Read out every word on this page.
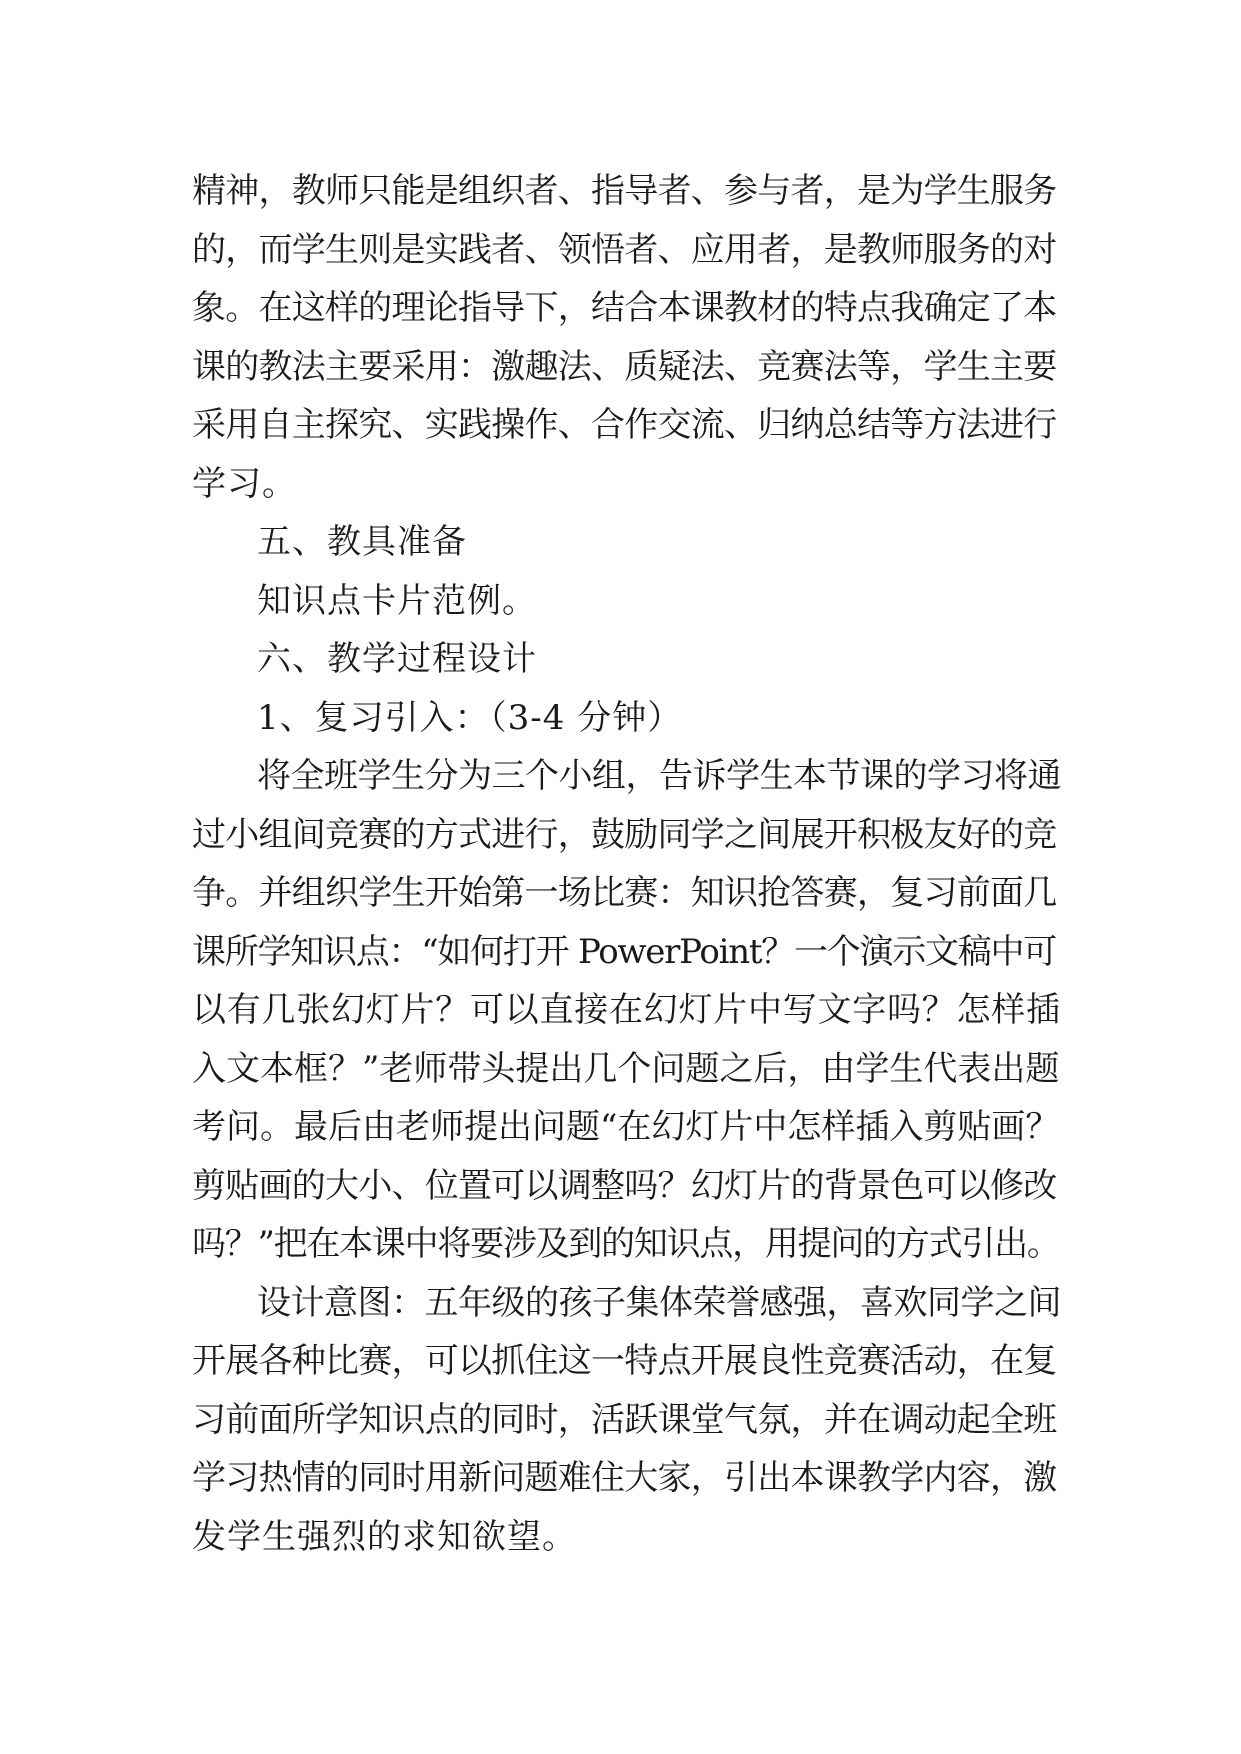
精神，教师只能是组织者、指导者、参与者，是为学生服务
的，而学生则是实践者、领悟者、应用者，是教师服务的对
象。在这样的理论指导下，结合本课教材的特点我确定了本
课的教法主要采用：激趣法、质疑法、竞赛法等，学生主要
采用自主探究、实践操作、合作交流、归纳总结等方法进行
学习。
五、教具准备
知识点卡片范例。
六、教学过程设计
1、复习引入：（3-4 分钟）
将全班学生分为三个小组，告诉学生本节课的学习将通
过小组间竞赛的方式进行，鼓励同学之间展开积极友好的竞
争。并组织学生开始第一场比赛：知识抢答赛，复习前面几
课所学知识点：“如何打开 PowerPoint？一个演示文稿中可
以有几张幻灯片？可以直接在幻灯片中写文字吗？怎样插
入文本框？”老师带头提出几个问题之后，由学生代表出题
考问。最后由老师提出问题“在幻灯片中怎样插入剪贴画？
剪贴画的大小、位置可以调整吗？幻灯片的背景色可以修改
吗？”把在本课中将要涉及到的知识点，用提问的方式引出。
设计意图：五年级的孩子集体荣誉感强，喜欢同学之间
开展各种比赛，可以抓住这一特点开展良性竞赛活动，在复
习前面所学知识点的同时，活跃课堂气氛，并在调动起全班
学习热情的同时用新问题难住大家，引出本课教学内容，激
发学生强烈的求知欲望。
